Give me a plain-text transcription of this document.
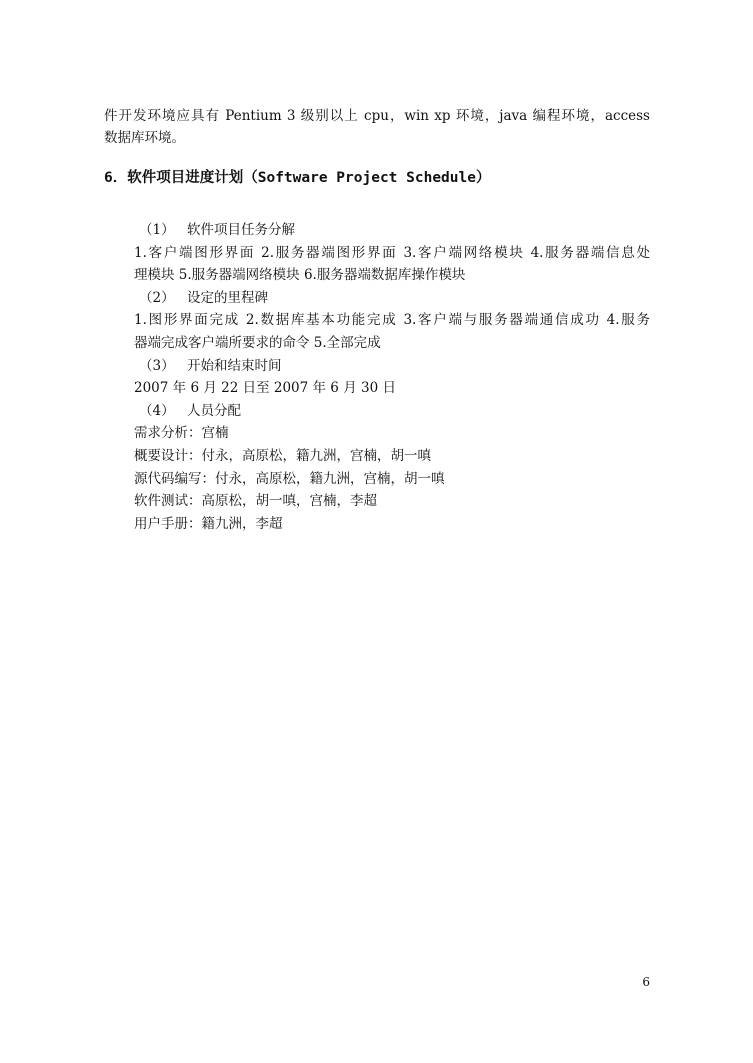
件开发环境应具有 Pentium 3 级别以上 cpu，win xp 环境，java 编程环境，access
数据库环境。
6．软件项目进度计划（Software Project Schedule）
（1） 软件项目任务分解
1.客户端图形界面 2.服务器端图形界面 3.客户端网络模块 4.服务器端信息处
理模块 5.服务器端网络模块 6.服务器端数据库操作模块
（2） 设定的里程碑
1.图形界面完成 2.数据库基本功能完成 3.客户端与服务器端通信成功 4.服务
器端完成客户端所要求的命令 5.全部完成
（3） 开始和结束时间
2007 年 6 月 22 日至 2007 年 6 月 30 日
（4） 人员分配
需求分析：宫楠
概要设计：付永，高原松，籍九洲，宫楠，胡一嗔
源代码编写：付永，高原松，籍九洲，宫楠，胡一嗔
软件测试：高原松，胡一嗔，宫楠，李超
用户手册：籍九洲，李超
6
